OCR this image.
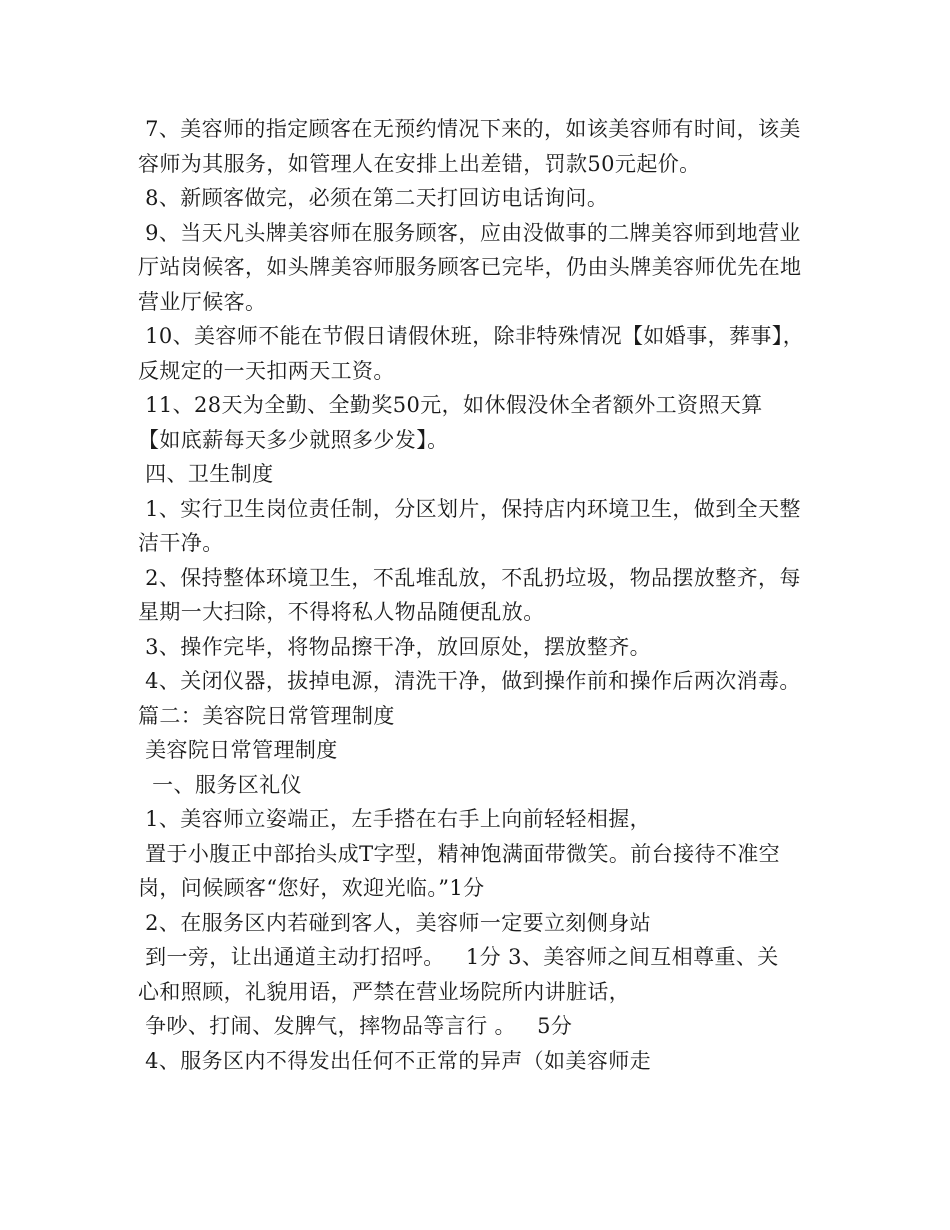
7、美容师的指定顾客在无预约情况下来的，如该美容师有时间，该美
容师为其服务，如管理人在安排上出差错，罚款50元起价。
8、新顾客做完，必须在第二天打回访电话询问。
9、当天凡头牌美容师在服务顾客，应由没做事的二牌美容师到地营业
厅站岗候客，如头牌美容师服务顾客已完毕，仍由头牌美容师优先在地
营业厅候客。
10、美容师不能在节假日请假休班，除非特殊情况【如婚事，葬事】，
反规定的一天扣两天工资。
11、28天为全勤、全勤奖50元，如休假没休全者额外工资照天算
【如底薪每天多少就照多少发】。
四、卫生制度
1、实行卫生岗位责任制，分区划片，保持店内环境卫生，做到全天整
洁干净。
2、保持整体环境卫生，不乱堆乱放，不乱扔垃圾，物品摆放整齐，每
星期一大扫除，不得将私人物品随便乱放。
3、操作完毕，将物品擦干净，放回原处，摆放整齐。
4、关闭仪器，拔掉电源，清洗干净，做到操作前和操作后两次消毒。
篇二：美容院日常管理制度
美容院日常管理制度
一、服务区礼仪
1、美容师立姿端正，左手搭在右手上向前轻轻相握，
置于小腹正中部抬头成T字型，精神饱满面带微笑。前台接待不准空
岗，问候顾客“您好，欢迎光临。”1分
2、在服务区内若碰到客人，美容师一定要立刻侧身站
到一旁，让出通道主动打招呼。   1分 3、美容师之间互相尊重、关
心和照顾，礼貌用语，严禁在营业场院所内讲脏话，
争吵、打闹、发脾气，摔物品等言行 。   5分
4、服务区内不得发出任何不正常的异声（如美容师走
